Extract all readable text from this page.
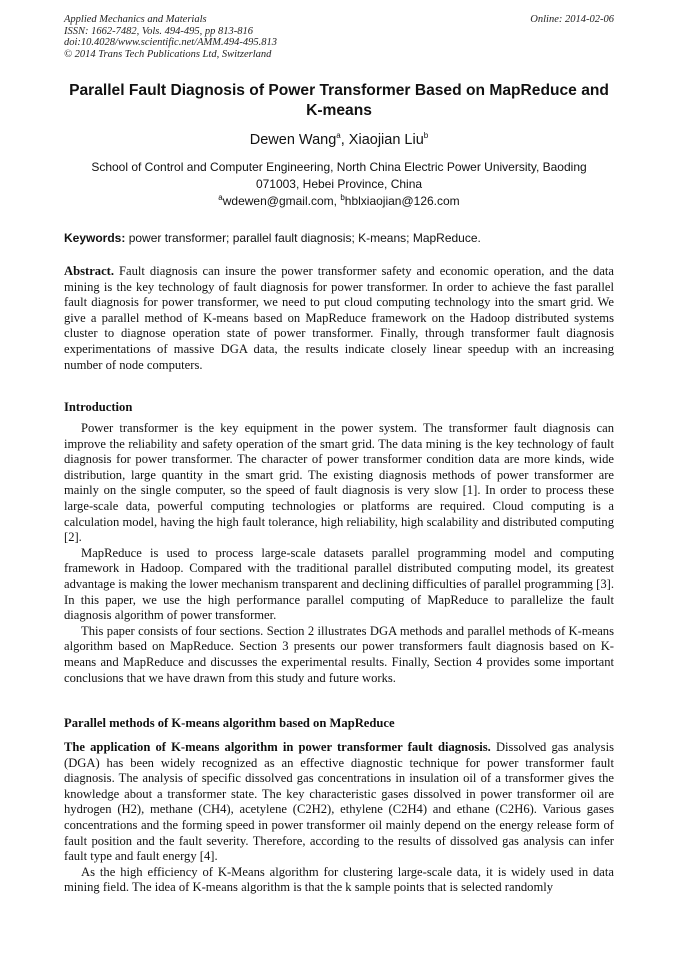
Applied Mechanics and Materials
ISSN: 1662-7482, Vols. 494-495, pp 813-816
doi:10.4028/www.scientific.net/AMM.494-495.813
© 2014 Trans Tech Publications Ltd, Switzerland
Online: 2014-02-06
Parallel Fault Diagnosis of Power Transformer Based on MapReduce and K-means
Dewen Wang$^a$, Xiaojian Liu$^b$
School of Control and Computer Engineering, North China Electric Power University, Baoding 071003, Hebei Province, China
$^a$wdewen@gmail.com, $^b$hblxiaojian@126.com
Keywords: power transformer; parallel fault diagnosis; K-means; MapReduce.

Abstract. Fault diagnosis can insure the power transformer safety and economic operation, and the data mining is the key technology of fault diagnosis for power transformer. In order to achieve the fast parallel fault diagnosis for power transformer, we need to put cloud computing technology into the smart grid. We give a parallel method of K-means based on MapReduce framework on the Hadoop distributed systems cluster to diagnose operation state of power transformer. Finally, through transformer fault diagnosis experimentations of massive DGA data, the results indicate closely linear speedup with an increasing number of node computers.

Introduction

Power transformer is the key equipment in the power system. The transformer fault diagnosis can improve the reliability and safety operation of the smart grid. The data mining is the key technology of fault diagnosis for power transformer. The character of power transformer condition data are more kinds, wide distribution, large quantity in the smart grid. The existing diagnosis methods of power transformer are mainly on the single computer, so the speed of fault diagnosis is very slow [1]. In order to process these large-scale data, powerful computing technologies or platforms are required. Cloud computing is a calculation model, having the high fault tolerance, high reliability, high scalability and distributed computing [2].

MapReduce is used to process large-scale datasets parallel programming model and computing framework in Hadoop. Compared with the traditional parallel distributed computing model, its greatest advantage is making the lower mechanism transparent and declining difficulties of parallel programming [3]. In this paper, we use the high performance parallel computing of MapReduce to parallelize the fault diagnosis algorithm of power transformer.

This paper consists of four sections. Section 2 illustrates DGA methods and parallel methods of K-means algorithm based on MapReduce. Section 3 presents our power transformers fault diagnosis based on K-means and MapReduce and discusses the experimental results. Finally, Section 4 provides some important conclusions that we have drawn from this study and future works.

Parallel methods of K-means algorithm based on MapReduce

The application of K-means algorithm in power transformer fault diagnosis. Dissolved gas analysis (DGA) has been widely recognized as an effective diagnostic technique for power transformer fault diagnosis. The analysis of specific dissolved gas concentrations in insulation oil of a transformer gives the knowledge about a transformer state. The key characteristic gases dissolved in power transformer oil are hydrogen (H2), methane (CH4), acetylene (C2H2), ethylene (C2H4) and ethane (C2H6). Various gases concentrations and the forming speed in power transformer oil mainly depend on the energy release form of fault position and the fault severity. Therefore, according to the results of dissolved gas analysis can infer fault type and fault energy [4].

As the high efficiency of K-Means algorithm for clustering large-scale data, it is widely used in data mining field. The idea of K-means algorithm is that the k sample points that is selected randomly
